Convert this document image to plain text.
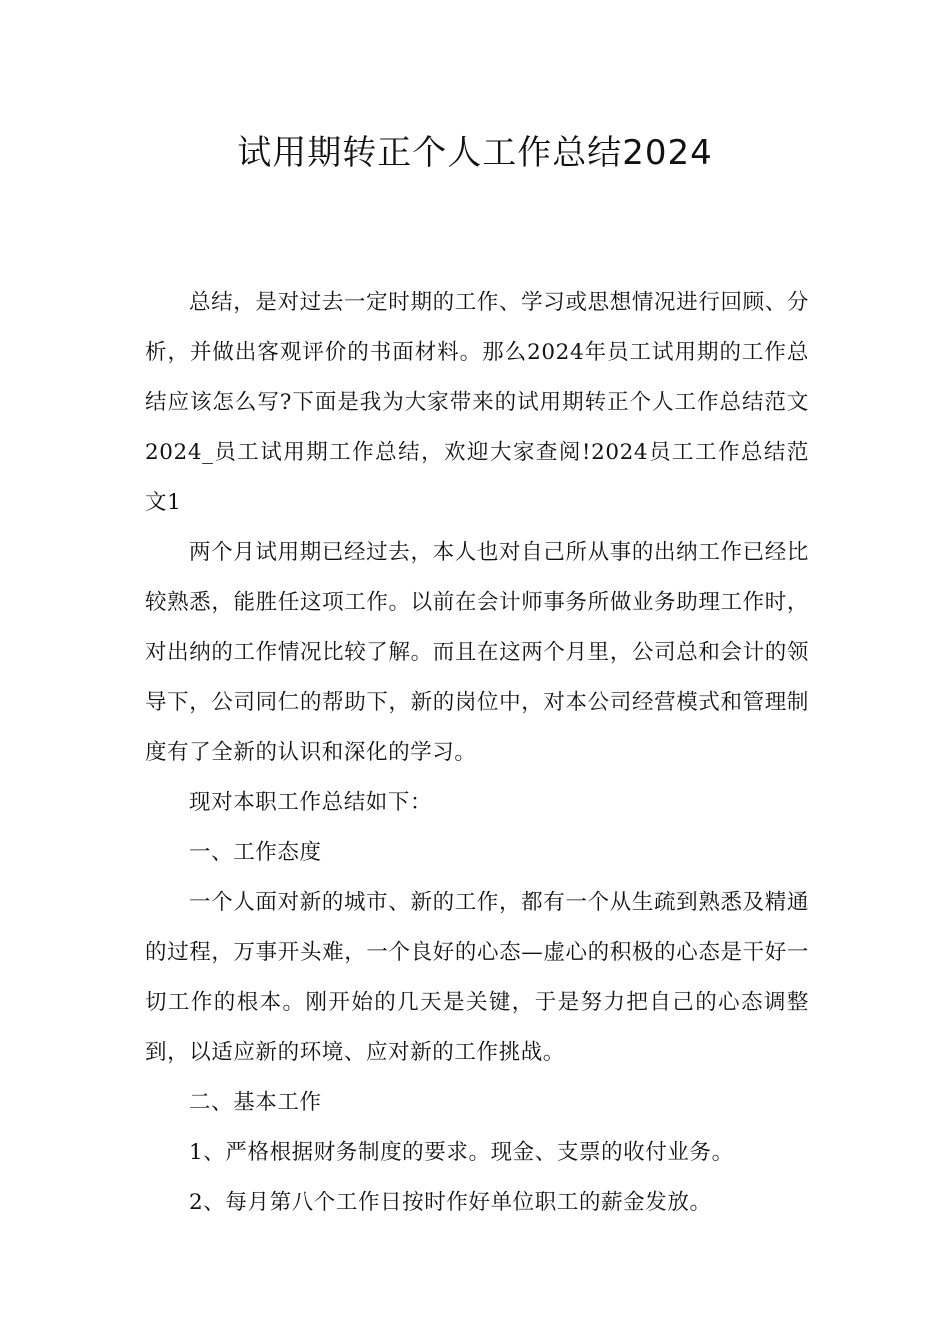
试用期转正个人工作总结2024

总结，是对过去一定时期的工作、学习或思想情况进行回顾、分析，并做出客观评价的书面材料。那么2024年员工试用期的工作总结应该怎么写?下面是我为大家带来的试用期转正个人工作总结范文2024_员工试用期工作总结，欢迎大家查阅!2024员工工作总结范文1

两个月试用期已经过去，本人也对自己所从事的出纳工作已经比较熟悉，能胜任这项工作。以前在会计师事务所做业务助理工作时，对出纳的工作情况比较了解。而且在这两个月里，公司总和会计的领导下，公司同仁的帮助下，新的岗位中，对本公司经营模式和管理制度有了全新的认识和深化的学习。

现对本职工作总结如下：

一、工作态度

一个人面对新的城市、新的工作，都有一个从生疏到熟悉及精通的过程，万事开头难，一个良好的心态—虚心的积极的心态是干好一切工作的根本。刚开始的几天是关键，于是努力把自己的心态调整到，以适应新的环境、应对新的工作挑战。

二、基本工作

1、严格根据财务制度的要求。现金、支票的收付业务。

2、每月第八个工作日按时作好单位职工的薪金发放。
